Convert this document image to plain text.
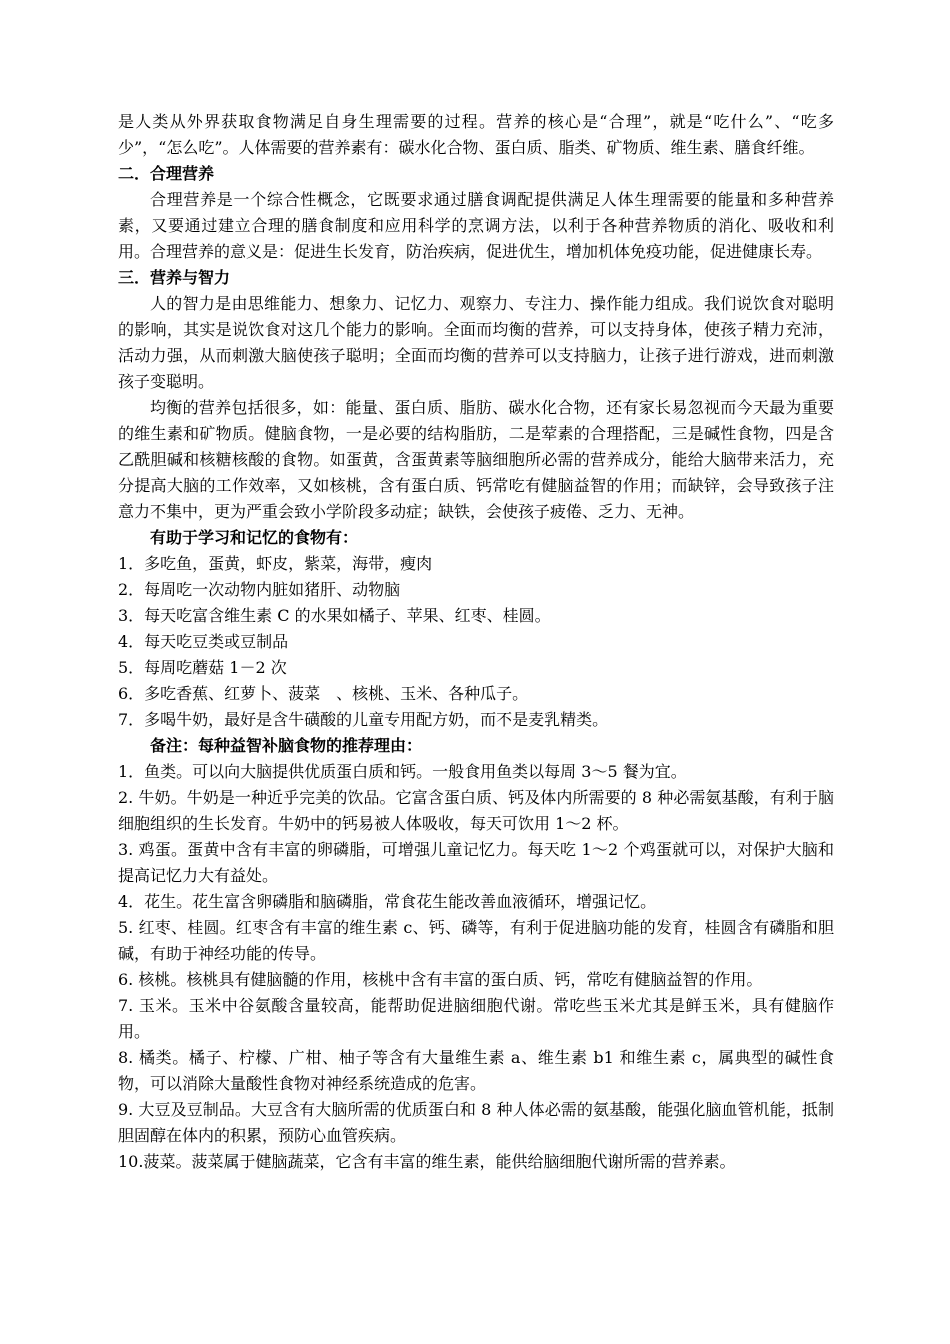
是人类从外界获取食物满足自身生理需要的过程。营养的核心是“合理”，就是“吃什么”、“吃多少”，“怎么吃”。人体需要的营养素有：碳水化合物、蛋白质、脂类、矿物质、维生素、膳食纤维。

二．合理营养

合理营养是一个综合性概念，它既要求通过膳食调配提供满足人体生理需要的能量和多种营养素，又要通过建立合理的膳食制度和应用科学的烹调方法，以利于各种营养物质的消化、吸收和利用。合理营养的意义是：促进生长发育，防治疾病，促进优生，增加机体免疫功能，促进健康长寿。

三．营养与智力

人的智力是由思维能力、想象力、记忆力、观察力、专注力、操作能力组成。我们说饮食对聪明的影响，其实是说饮食对这几个能力的影响。全面而均衡的营养，可以支持身体，使孩子精力充沛，活动力强，从而刺激大脑使孩子聪明；全面而均衡的营养可以支持脑力，让孩子进行游戏，进而刺激孩子变聪明。

均衡的营养包括很多，如：能量、蛋白质、脂肪、碳水化合物，还有家长易忽视而今天最为重要的维生素和矿物质。健脑食物，一是必要的结构脂肪，二是荤素的合理搭配，三是碱性食物，四是含乙酰胆碱和核糖核酸的食物。如蛋黄，含蛋黄素等脑细胞所必需的营养成分，能给大脑带来活力，充分提高大脑的工作效率，又如核桃，含有蛋白质、钙常吃有健脑益智的作用；而缺锌，会导致孩子注意力不集中，更为严重会致小学阶段多动症；缺铁，会使孩子疲倦、乏力、无神。

有助于学习和记忆的食物有：

1．多吃鱼，蛋黄，虾皮，紫菜，海带，瘦肉

2．每周吃一次动物内脏如猪肝、动物脑

3．每天吃富含维生素 C 的水果如橘子、苹果、红枣、桂圆。

4．每天吃豆类或豆制品

5．每周吃蘑菇 1－2 次

6．多吃香蕉、红萝卜、菠菜　、核桃、玉米、各种瓜子。

7．多喝牛奶，最好是含牛磺酸的儿童专用配方奶，而不是麦乳精类。

备注：每种益智补脑食物的推荐理由：

1．鱼类。可以向大脑提供优质蛋白质和钙。一般食用鱼类以每周 3～5 餐为宜。

2. 牛奶。牛奶是一种近乎完美的饮品。它富含蛋白质、钙及体内所需要的 8 种必需氨基酸，有利于脑细胞组织的生长发育。牛奶中的钙易被人体吸收，每天可饮用 1～2 杯。

3. 鸡蛋。蛋黄中含有丰富的卵磷脂，可增强儿童记忆力。每天吃 1～2 个鸡蛋就可以，对保护大脑和提高记忆力大有益处。

4．花生。花生富含卵磷脂和脑磷脂，常食花生能改善血液循环，增强记忆。

5. 红枣、桂圆。红枣含有丰富的维生素 c、钙、磷等，有利于促进脑功能的发育，桂圆含有磷脂和胆碱，有助于神经功能的传导。

6. 核桃。核桃具有健脑髓的作用，核桃中含有丰富的蛋白质、钙，常吃有健脑益智的作用。

7. 玉米。玉米中谷氨酸含量较高，能帮助促进脑细胞代谢。常吃些玉米尤其是鲜玉米，具有健脑作用。

8. 橘类。橘子、柠檬、广柑、柚子等含有大量维生素 a、维生素 b1 和维生素 c，属典型的碱性食物，可以消除大量酸性食物对神经系统造成的危害。

9. 大豆及豆制品。大豆含有大脑所需的优质蛋白和 8 种人体必需的氨基酸，能强化脑血管机能，抵制胆固醇在体内的积累，预防心血管疾病。

10.菠菜。菠菜属于健脑蔬菜，它含有丰富的维生素，能供给脑细胞代谢所需的营养素。
